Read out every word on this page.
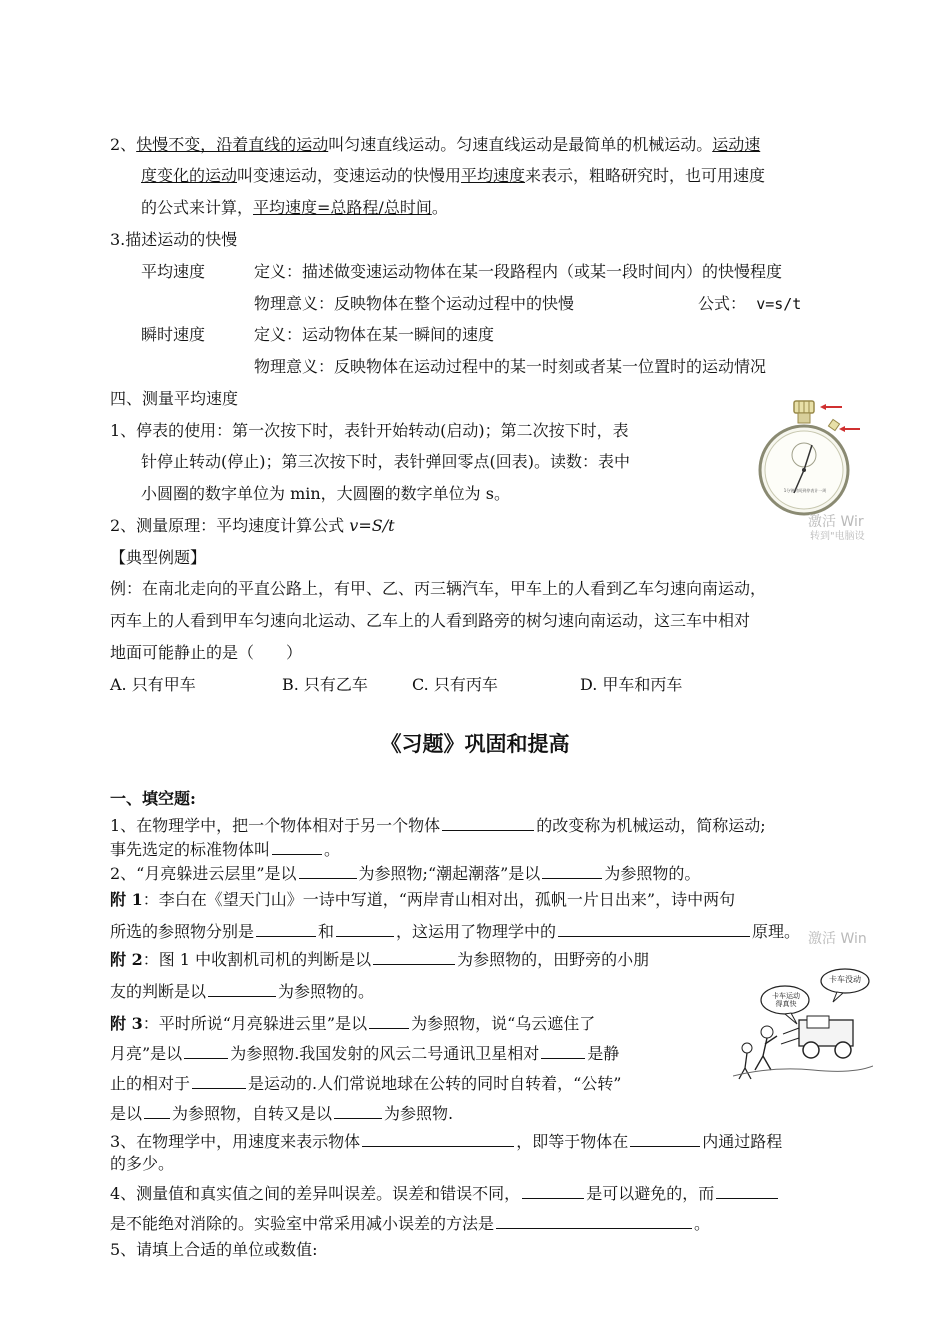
2、快慢不变，沿着直线的运动叫匀速直线运动。匀速直线运动是最简单的机械运动。运动速
度变化的运动叫变速运动，变速运动的快慢用平均速度来表示，粗略研究时，也可用速度
的公式来计算，平均速度=总路程/总时间。
3.描述运动的快慢
平均速度	定义：描述做变速运动物体在某一段路程内（或某一段时间内）的快慢程度
物理意义：反映物体在整个运动过程中的快慢	公式： v=s/t
瞬时速度	定义：运动物体在某一瞬间的速度
物理意义：反映物体在运动过程中的某一时刻或者某一位置时的运动情况
四、测量平均速度
1、停表的使用：第一次按下时，表针开始转动(启动)；第二次按下时，表
针停止转动(停止)；第三次按下时，表针弹回零点(回表)。读数：表中
小圆圈的数字单位为 min，大圆圈的数字单位为 s。
2、测量原理：平均速度计算公式 v=S/t
【典型例题】
例：在南北走向的平直公路上，有甲、乙、丙三辆汽车，甲车上的人看到乙车匀速向南运动，
丙车上的人看到甲车匀速向北运动、乙车上的人看到路旁的树匀速向南运动，这三车中相对
地面可能静止的是（　　）
A. 只有甲车	B. 只有乙车	C. 只有丙车	D. 甲车和丙车
1分钟时间到停表计一周
激活 Wir
转到"电脑设
《习题》巩固和提高
一、填空题:
1、在物理学中，把一个物体相对于另一个物体	的改变称为机械运动，简称运动;
事先选定的标准物体叫	。
2、“月亮躲进云层里”是以	为参照物;“潮起潮落”是以	为参照物的。
附 1：李白在《望天门山》一诗中写道，“两岸青山相对出，孤帆一片日出来”，诗中两句
所选的参照物分别是	和	，这运用了物理学中的	原理。 激活 Win
附 2：图 1 中收割机司机的判断是以	为参照物的，田野旁的小朋
友的判断是以	为参照物的。
附 3：平时所说“月亮躲进云里”是以	为参照物，说“乌云遮住了
月亮”是以	为参照物.我国发射的风云二号通讯卫星相对	是静
止的相对于	是运动的.人们常说地球在公转的同时自转着，“公转”
是以 为参照物，自转又是以	为参照物.
3、在物理学中，用速度来表示物体	，即等于物体在	内通过路程
的多少。
4、测量值和真实值之间的差异叫误差。误差和错误不同，	是可以避免的，而
是不能绝对消除的。实验室中常采用减小误差的方法是	。
5、请填上合适的单位或数值:
卡车没动
卡车运动得真快
